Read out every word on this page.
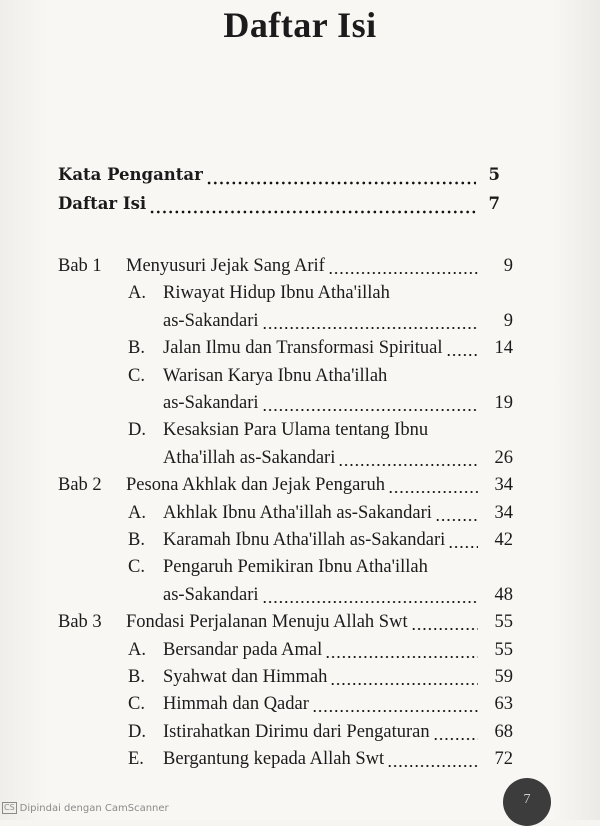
Daftar Isi
Kata Pengantar	5
Daftar Isi	7
Bab 1 Menyusuri Jejak Sang Arif	9
A. Riwayat Hidup Ibnu Atha'illah
as-Sakandari	9
B. Jalan Ilmu dan Transformasi Spiritual	14
C. Warisan Karya Ibnu Atha'illah
as-Sakandari	19
D. Kesaksian Para Ulama tentang Ibnu
Atha'illah as-Sakandari	26
Bab 2 Pesona Akhlak dan Jejak Pengaruh	34
A. Akhlak Ibnu Atha'illah as-Sakandari	34
B. Karamah Ibnu Atha'illah as-Sakandari	42
C. Pengaruh Pemikiran Ibnu Atha'illah
as-Sakandari	48
Bab 3 Fondasi Perjalanan Menuju Allah Swt	55
A. Bersandar pada Amal	55
B. Syahwat dan Himmah	59
C. Himmah dan Qadar	63
D. Istirahatkan Dirimu dari Pengaturan	68
E. Bergantung kepada Allah Swt	72
7
CS Dipindai dengan CamScanner
